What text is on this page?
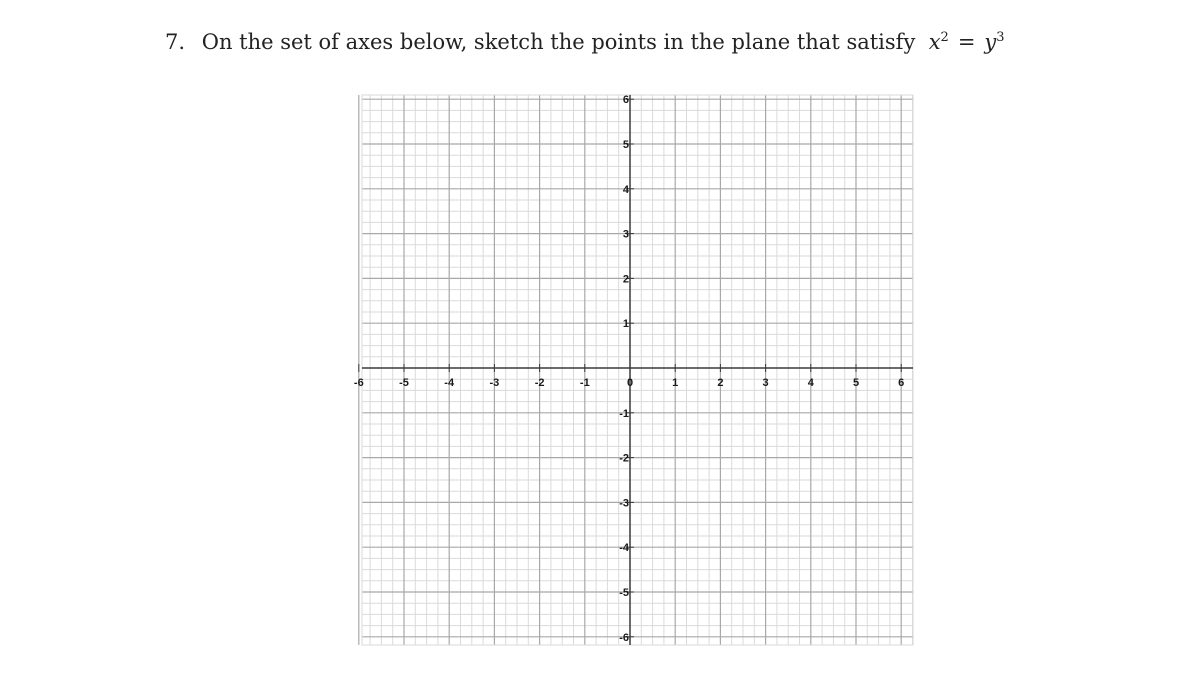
7. On the set of axes below, sketch the points in the plane that satisfy $x^2 = y^3$
-6	-5	-4	-3	-2	-1	0	1	2	3	4	5	6
-6
-5
-4
-3
-2
-1
1
2
3
4
5
6
